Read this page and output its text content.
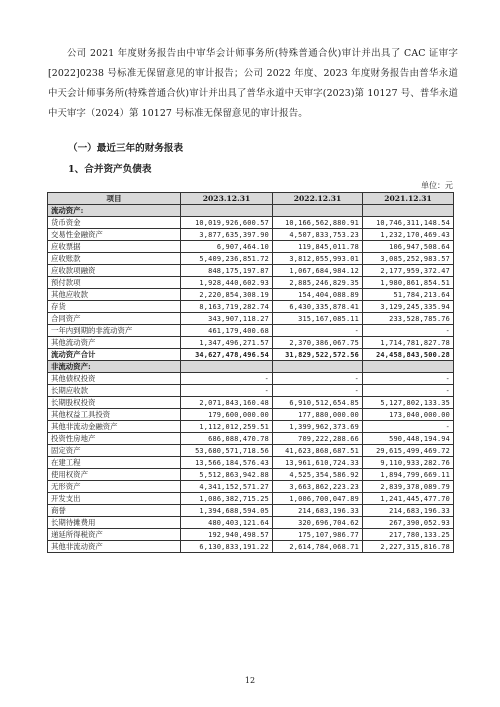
公司 2021 年度财务报告由中审华会计师事务所(特殊普通合伙)审计并出具了 CAC 证审字[2022]0238 号标准无保留意见的审计报告；公司 2022 年度、2023 年度财务报告由普华永道中天会计师事务所(特殊普通合伙)审计并出具了普华永道中天审字(2023)第 10127 号、普华永道中天审字（2024）第 10127 号标准无保留意见的审计报告。
（一）最近三年的财务报表
1、合并资产负债表
单位：元
项目	2023.12.31	2022.12.31	2021.12.31
流动资产:			
货币资金	10,019,926,600.57	10,166,562,880.91	10,746,311,148.54
交易性金融资产	3,877,635,397.90	4,507,833,753.23	1,232,170,469.43
应收票据	6,907,464.10	119,845,011.78	106,947,508.64
应收账款	5,409,236,851.72	3,812,055,993.01	3,085,252,983.57
应收款项融资	848,175,197.87	1,067,684,984.12	2,177,959,372.47
预付款项	1,928,440,602.93	2,885,246,829.35	1,980,861,854.51
其他应收款	2,220,854,308.19	154,404,088.89	51,784,213.64
存货	8,163,719,282.74	6,430,335,878.41	3,129,245,335.94
合同资产	343,907,118.27	315,167,085.11	233,528,785.76
一年内到期的非流动资产	461,179,400.68	-	-
其他流动资产	1,347,496,271.57	2,370,386,067.75	1,714,781,827.78
流动资产合计	34,627,478,496.54	31,829,522,572.56	24,458,843,500.28
非流动资产:			
其他债权投资	-	-	-
长期应收款	-	-	-
长期股权投资	2,071,843,160.48	6,910,512,654.85	5,127,802,133.35
其他权益工具投资	179,600,000.00	177,880,000.00	173,040,000.00
其他非流动金融资产	1,112,012,259.51	1,399,962,373.69	-
投资性房地产	686,088,470.78	709,222,288.66	590,448,194.94
固定资产	53,680,571,718.56	41,623,868,687.51	29,615,499,469.72
在建工程	13,566,184,576.43	13,961,610,724.33	9,110,933,282.76
使用权资产	5,512,863,942.88	4,525,354,586.92	1,894,799,669.11
无形资产	4,341,152,571.27	3,663,862,223.23	2,839,378,089.79
开发支出	1,086,382,715.25	1,006,700,047.89	1,241,445,477.70
商誉	1,394,688,594.05	214,683,196.33	214,683,196.33
长期待摊费用	480,403,121.64	320,696,704.62	267,390,052.93
递延所得税资产	192,940,498.57	175,107,986.77	217,780,133.25
其他非流动资产	6,130,833,191.22	2,614,784,068.71	2,227,315,816.78
12
